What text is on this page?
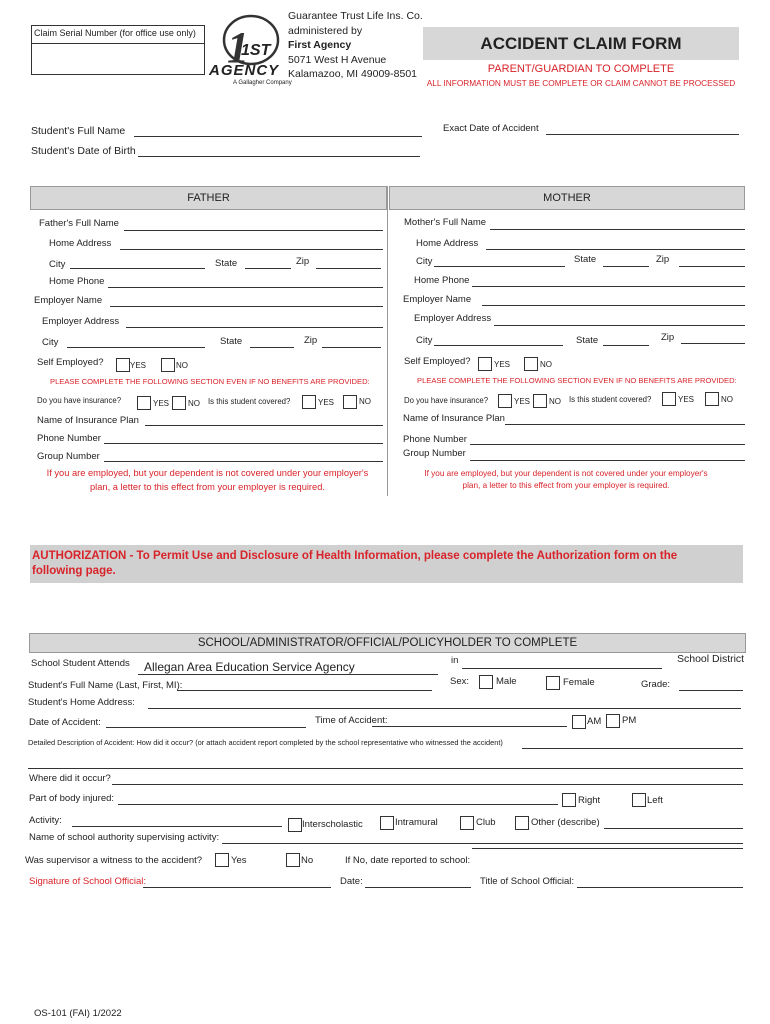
Claim Serial Number (for office use only) 1
1ST
AGENCY
A Gallagher Company
Guarantee Trust Life Ins. Co.
administered by
First Agency
5071 West H Avenue
Kalamazoo, MI 49009-8501
ACCIDENT CLAIM FORM
PARENT/GUARDIAN TO COMPLETE
ALL INFORMATION MUST BE COMPLETE OR CLAIM CANNOT BE PROCESSED
Student's Full Name
Student's Date of Birth
Exact Date of Accident
FATHER	MOTHER
Father's Full Name
Home Address
City	State	Zip
Home Phone
Employer Name
Employer Address
City	State	Zip
Self Employed?	YES	NO
PLEASE COMPLETE THE FOLLOWING SECTION EVEN IF NO BENEFITS ARE PROVIDED:
Do you have insurance?	YES NO Is this student covered?	YES	NO
Name of Insurance Plan
Phone Number
Group Number
If you are employed, but your dependent is not covered under your employer's
plan, a letter to this effect from your employer is required.
Mother's Full Name
Home Address
City	State	Zip
Home Phone
Employer Name
Employer Address
City	State	Zip
Self Employed?	YES	NO
PLEASE COMPLETE THE FOLLOWING SECTION EVEN IF NO BENEFITS ARE PROVIDED:
Do you have insurance?	YES NO Is this student covered?	YES	NO
Name of Insurance Plan
Phone Number
Group Number
If you are employed, but your dependent is not covered under your employer's
plan, a letter to this effect from your employer is required.
AUTHORIZATION - To Permit Use and Disclosure of Health Information, please complete the Authorization form on the
following page.
SCHOOL/ADMINISTRATOR/OFFICIAL/POLICYHOLDER TO COMPLETE
School Student Attends Allegan Area Education Service Agency	in	School District
Student's Full Name (Last, First, MI):	Sex:	Male	Female	Grade:
Student's Home Address:
Date of Accident:	Time of Accident:	AM PM
Detailed Description of Accident: How did it occur? (or attach accident report completed by the school representative who witnessed the accident)
Where did it occur?
Part of body injured:	Right	Left
Activity:	Interscholastic	Intramural	Club	Other (describe)
Name of school authority supervising activity:
Was supervisor a witness to the accident?	Yes	No	If No, date reported to school:
Signature of School Official:	Date:	Title of School Official:
OS-101 (FAI) 1/2022
